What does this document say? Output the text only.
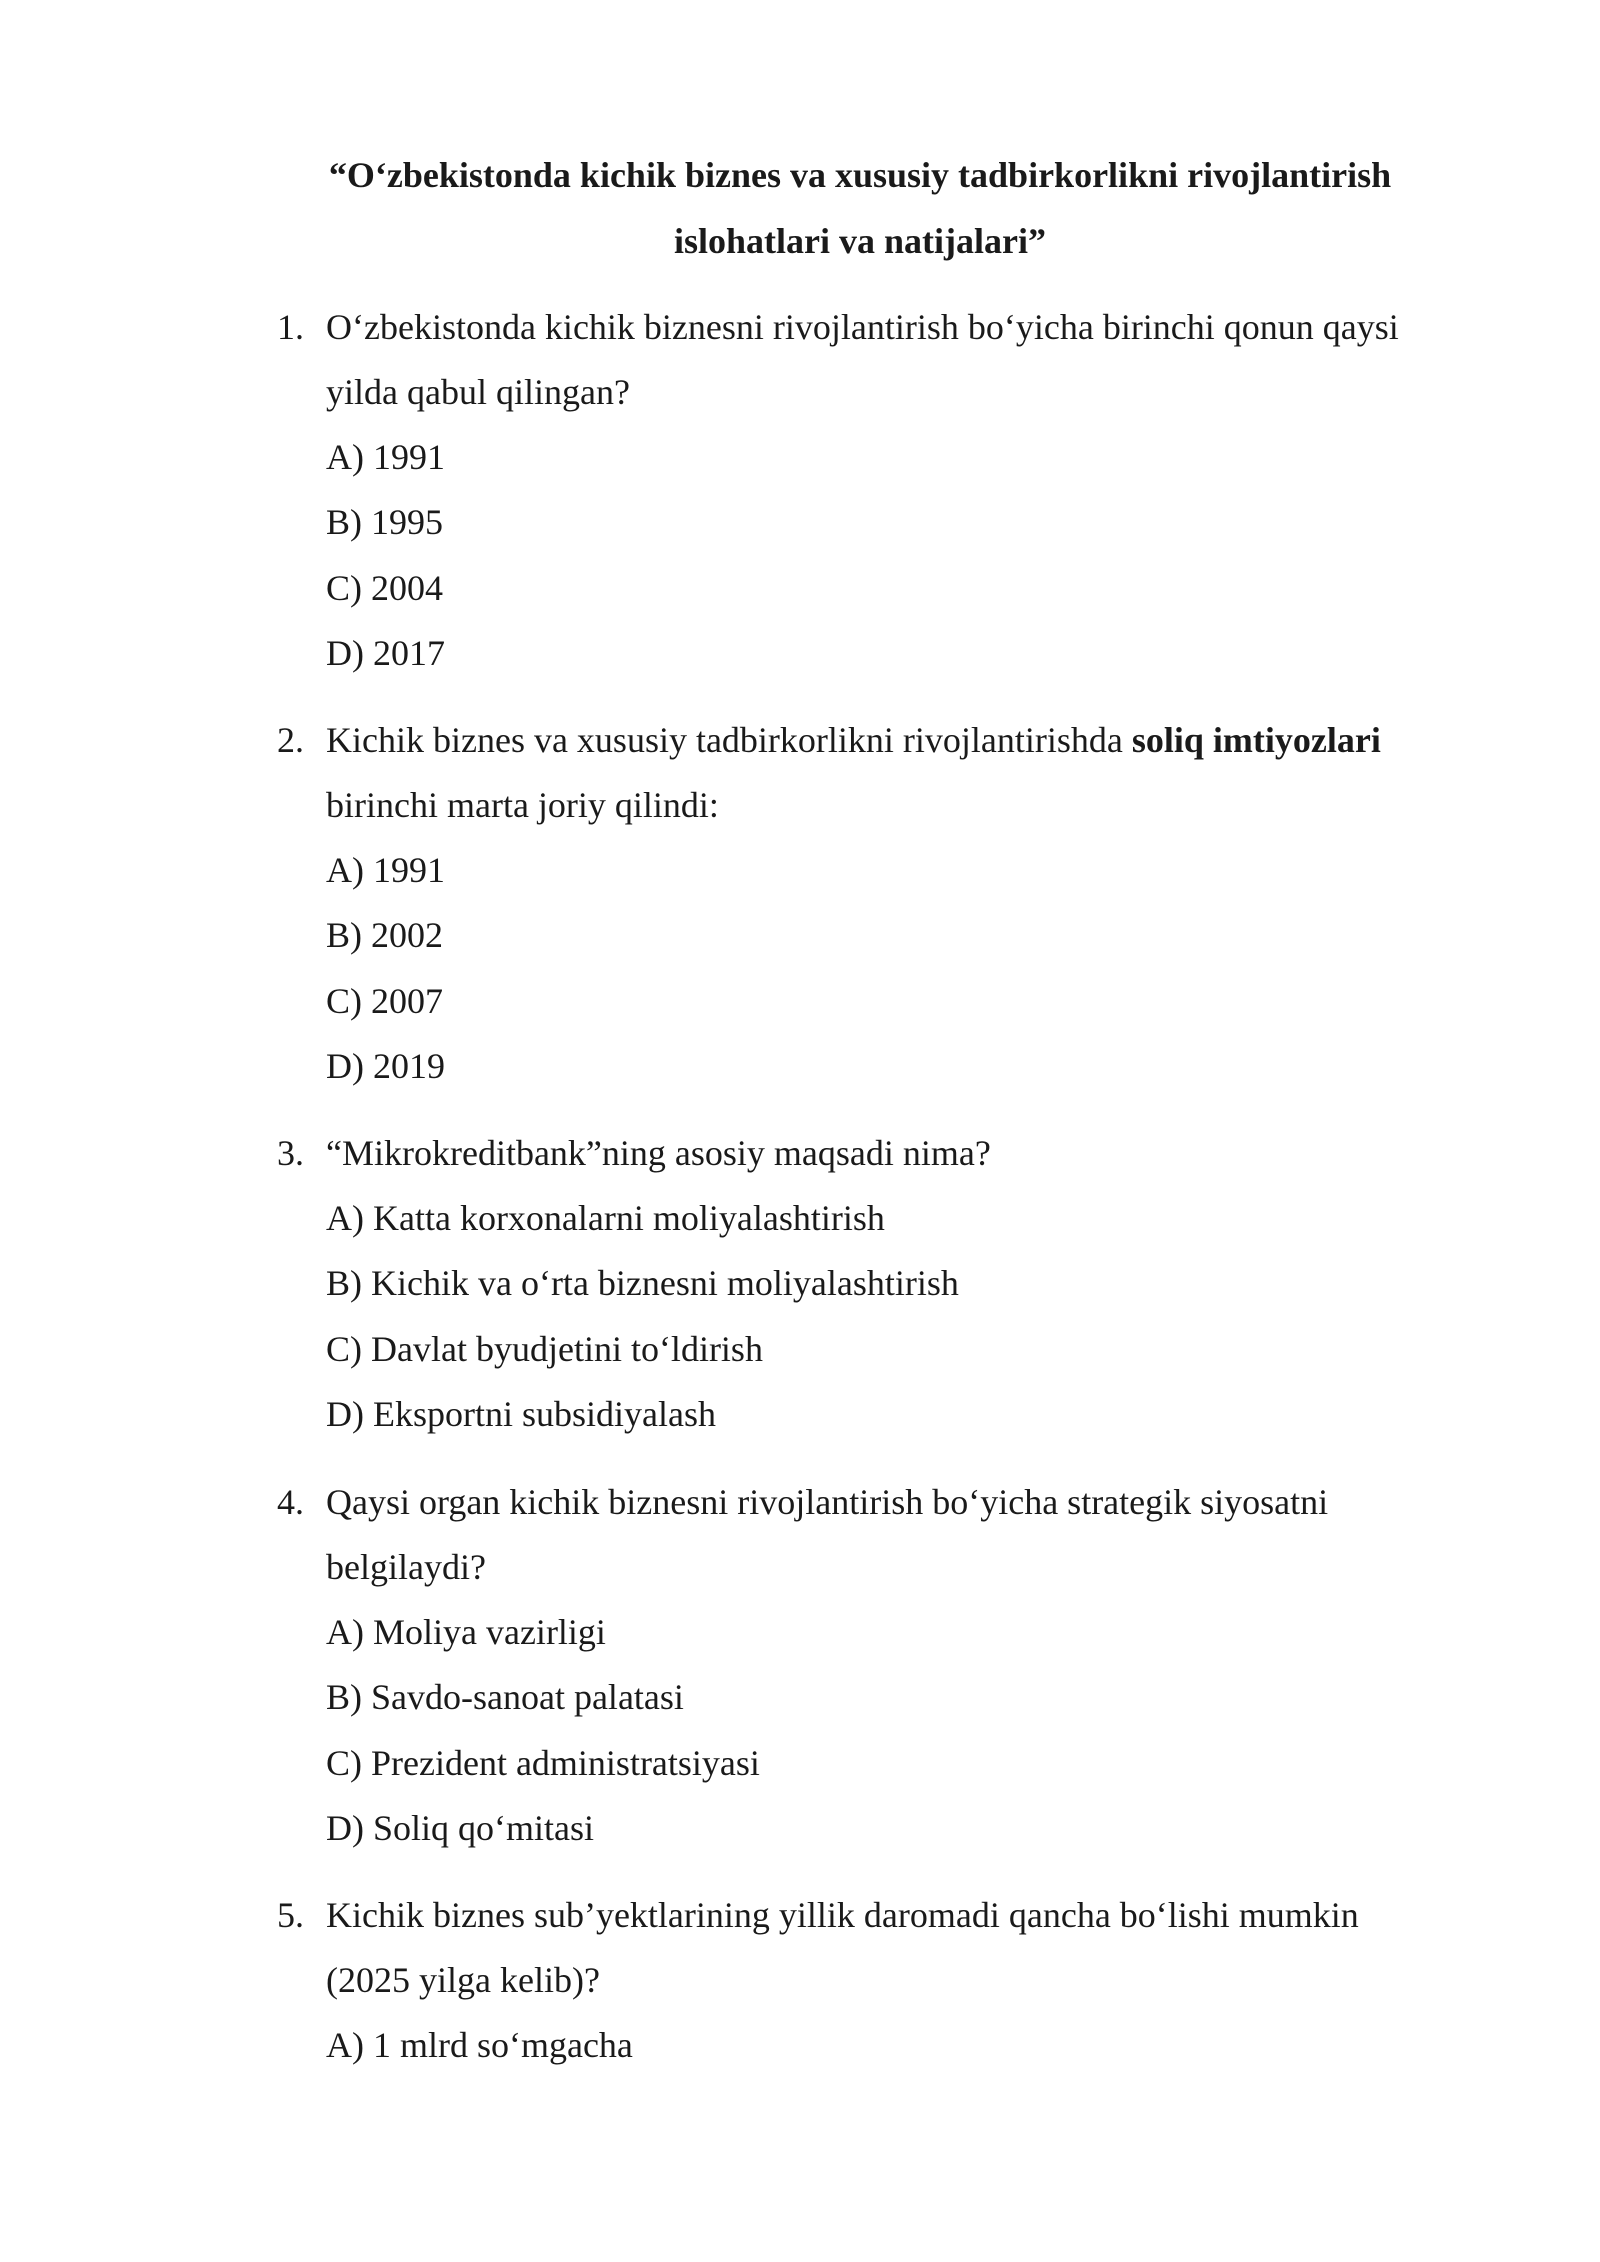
“O‘zbekistonda kichik biznes va xususiy tadbirkorlikni rivojlantirish
islohatlari va natijalari”
1. O‘zbekistonda kichik biznesni rivojlantirish bo‘yicha birinchi qonun qaysi
yilda qabul qilingan?
A) 1991
B) 1995
C) 2004
D) 2017
2. Kichik biznes va xususiy tadbirkorlikni rivojlantirishda soliq imtiyozlari
birinchi marta joriy qilindi:
A) 1991
B) 2002
C) 2007
D) 2019
3. “Mikrokreditbank”ning asosiy maqsadi nima?
A) Katta korxonalarni moliyalashtirish
B) Kichik va o‘rta biznesni moliyalashtirish
C) Davlat byudjetini to‘ldirish
D) Eksportni subsidiyalash
4. Qaysi organ kichik biznesni rivojlantirish bo‘yicha strategik siyosatni
belgilaydi?
A) Moliya vazirligi
B) Savdo-sanoat palatasi
C) Prezident administratsiyasi
D) Soliq qo‘mitasi
5. Kichik biznes sub’yektlarining yillik daromadi qancha bo‘lishi mumkin
(2025 yilga kelib)?
A) 1 mlrd so‘mgacha
